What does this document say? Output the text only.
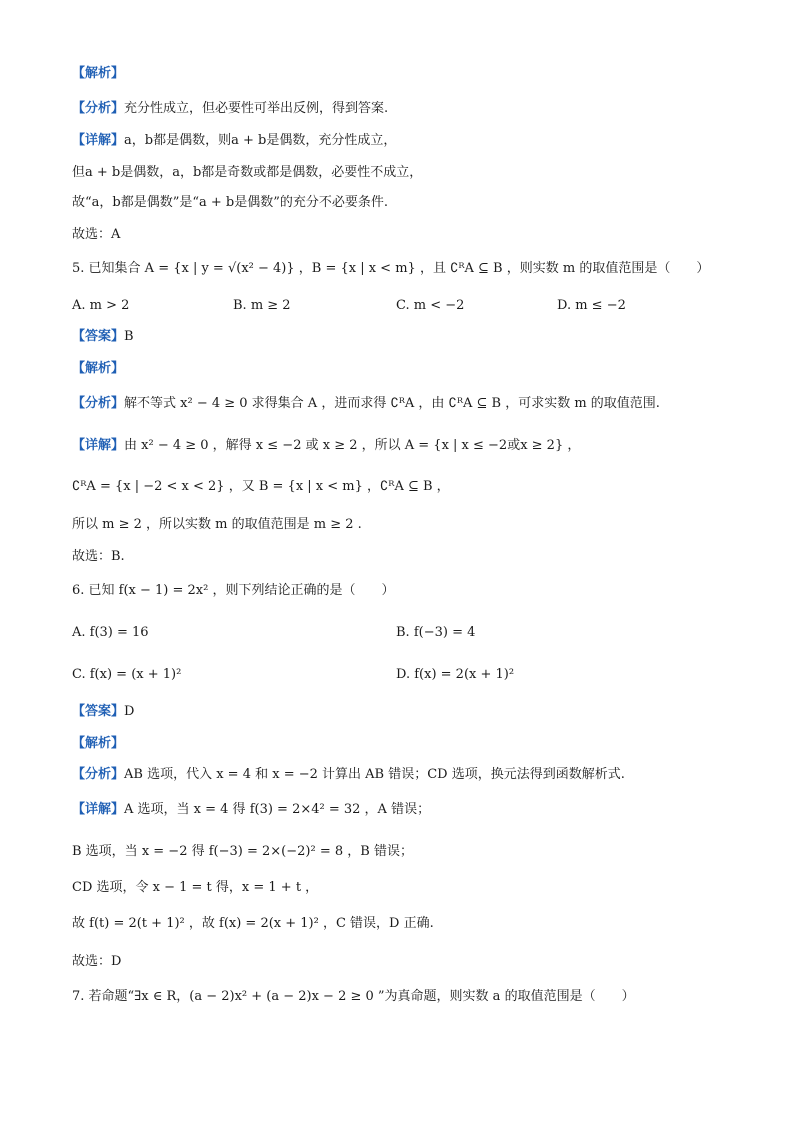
【解析】
【分析】充分性成立，但必要性可举出反例，得到答案.
【详解】a，b都是偶数，则a + b是偶数，充分性成立，
但a + b是偶数，a，b都是奇数或都是偶数，必要性不成立，
故“a，b都是偶数”是“a + b是偶数”的充分不必要条件.
故选：A
5. 已知集合 A = {x | y = √(x² − 4)} ，B = {x | x < m} ，且 ∁ᴿA ⊆ B ，则实数 m 的取值范围是（　　）
A. m > 2	B. m ≥ 2	C. m < −2	D. m ≤ −2
【答案】B
【解析】
【分析】解不等式 x² − 4 ≥ 0 求得集合 A ，进而求得 ∁ᴿA ，由 ∁ᴿA ⊆ B ，可求实数 m 的取值范围.
【详解】由 x² − 4 ≥ 0 ，解得 x ≤ −2 或 x ≥ 2 ，所以 A = {x | x ≤ −2或x ≥ 2} ，
∁ᴿA = {x | −2 < x < 2} ，又 B = {x | x < m} ，∁ᴿA ⊆ B ，
所以 m ≥ 2 ，所以实数 m 的取值范围是 m ≥ 2 .
故选：B.
6. 已知 f(x − 1) = 2x² ，则下列结论正确的是（　　）
A. f(3) = 16	B. f(−3) = 4
C. f(x) = (x + 1)²	D. f(x) = 2(x + 1)²
【答案】D
【解析】
【分析】AB 选项，代入 x = 4 和 x = −2 计算出 AB 错误；CD 选项，换元法得到函数解析式.
【详解】A 选项，当 x = 4 得 f(3) = 2×4² = 32 ，A 错误；
B 选项，当 x = −2 得 f(−3) = 2×(−2)² = 8 ，B 错误；
CD 选项，令 x − 1 = t 得，x = 1 + t ，
故 f(t) = 2(t + 1)² ，故 f(x) = 2(x + 1)² ，C 错误，D 正确.
故选：D
7. 若命题“∃x ∈ R，(a − 2)x² + (a − 2)x − 2 ≥ 0 ”为真命题，则实数 a 的取值范围是（　　）
